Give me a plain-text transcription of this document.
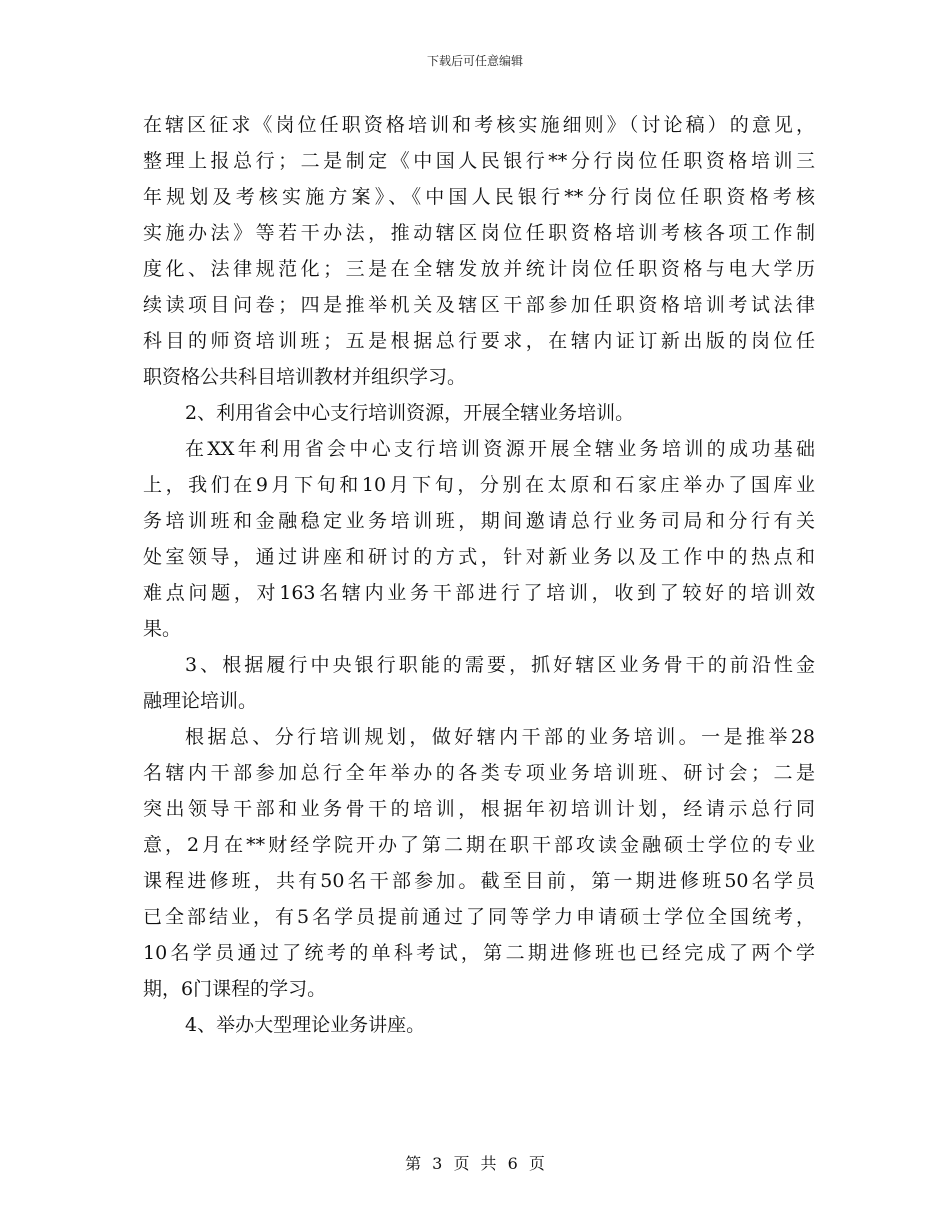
下载后可任意编辑
在辖区征求《岗位任职资格培训和考核实施细则》（讨论稿）的意见，
整理上报总行；二是制定《中国人民银行**分行岗位任职资格培训三
年规划及考核实施方案》、《中国人民银行**分行岗位任职资格考核
实施办法》等若干办法，推动辖区岗位任职资格培训考核各项工作制
度化、法律规范化；三是在全辖发放并统计岗位任职资格与电大学历
续读项目问卷；四是推举机关及辖区干部参加任职资格培训考试法律
科目的师资培训班；五是根据总行要求，在辖内证订新出版的岗位任
职资格公共科目培训教材并组织学习。
2、利用省会中心支行培训资源，开展全辖业务培训。
在XX年利用省会中心支行培训资源开展全辖业务培训的成功基础
上，我们在9月下旬和10月下旬，分别在太原和石家庄举办了国库业
务培训班和金融稳定业务培训班，期间邀请总行业务司局和分行有关
处室领导，通过讲座和研讨的方式，针对新业务以及工作中的热点和
难点问题，对163名辖内业务干部进行了培训，收到了较好的培训效
果。
3、根据履行中央银行职能的需要，抓好辖区业务骨干的前沿性金
融理论培训。
根据总、分行培训规划，做好辖内干部的业务培训。一是推举28
名辖内干部参加总行全年举办的各类专项业务培训班、研讨会；二是
突出领导干部和业务骨干的培训，根据年初培训计划，经请示总行同
意，2月在**财经学院开办了第二期在职干部攻读金融硕士学位的专业
课程进修班，共有50名干部参加。截至目前，第一期进修班50名学员
已全部结业，有5名学员提前通过了同等学力申请硕士学位全国统考，
10名学员通过了统考的单科考试，第二期进修班也已经完成了两个学
期，6门课程的学习。
4、举办大型理论业务讲座。
第 3 页 共 6 页
